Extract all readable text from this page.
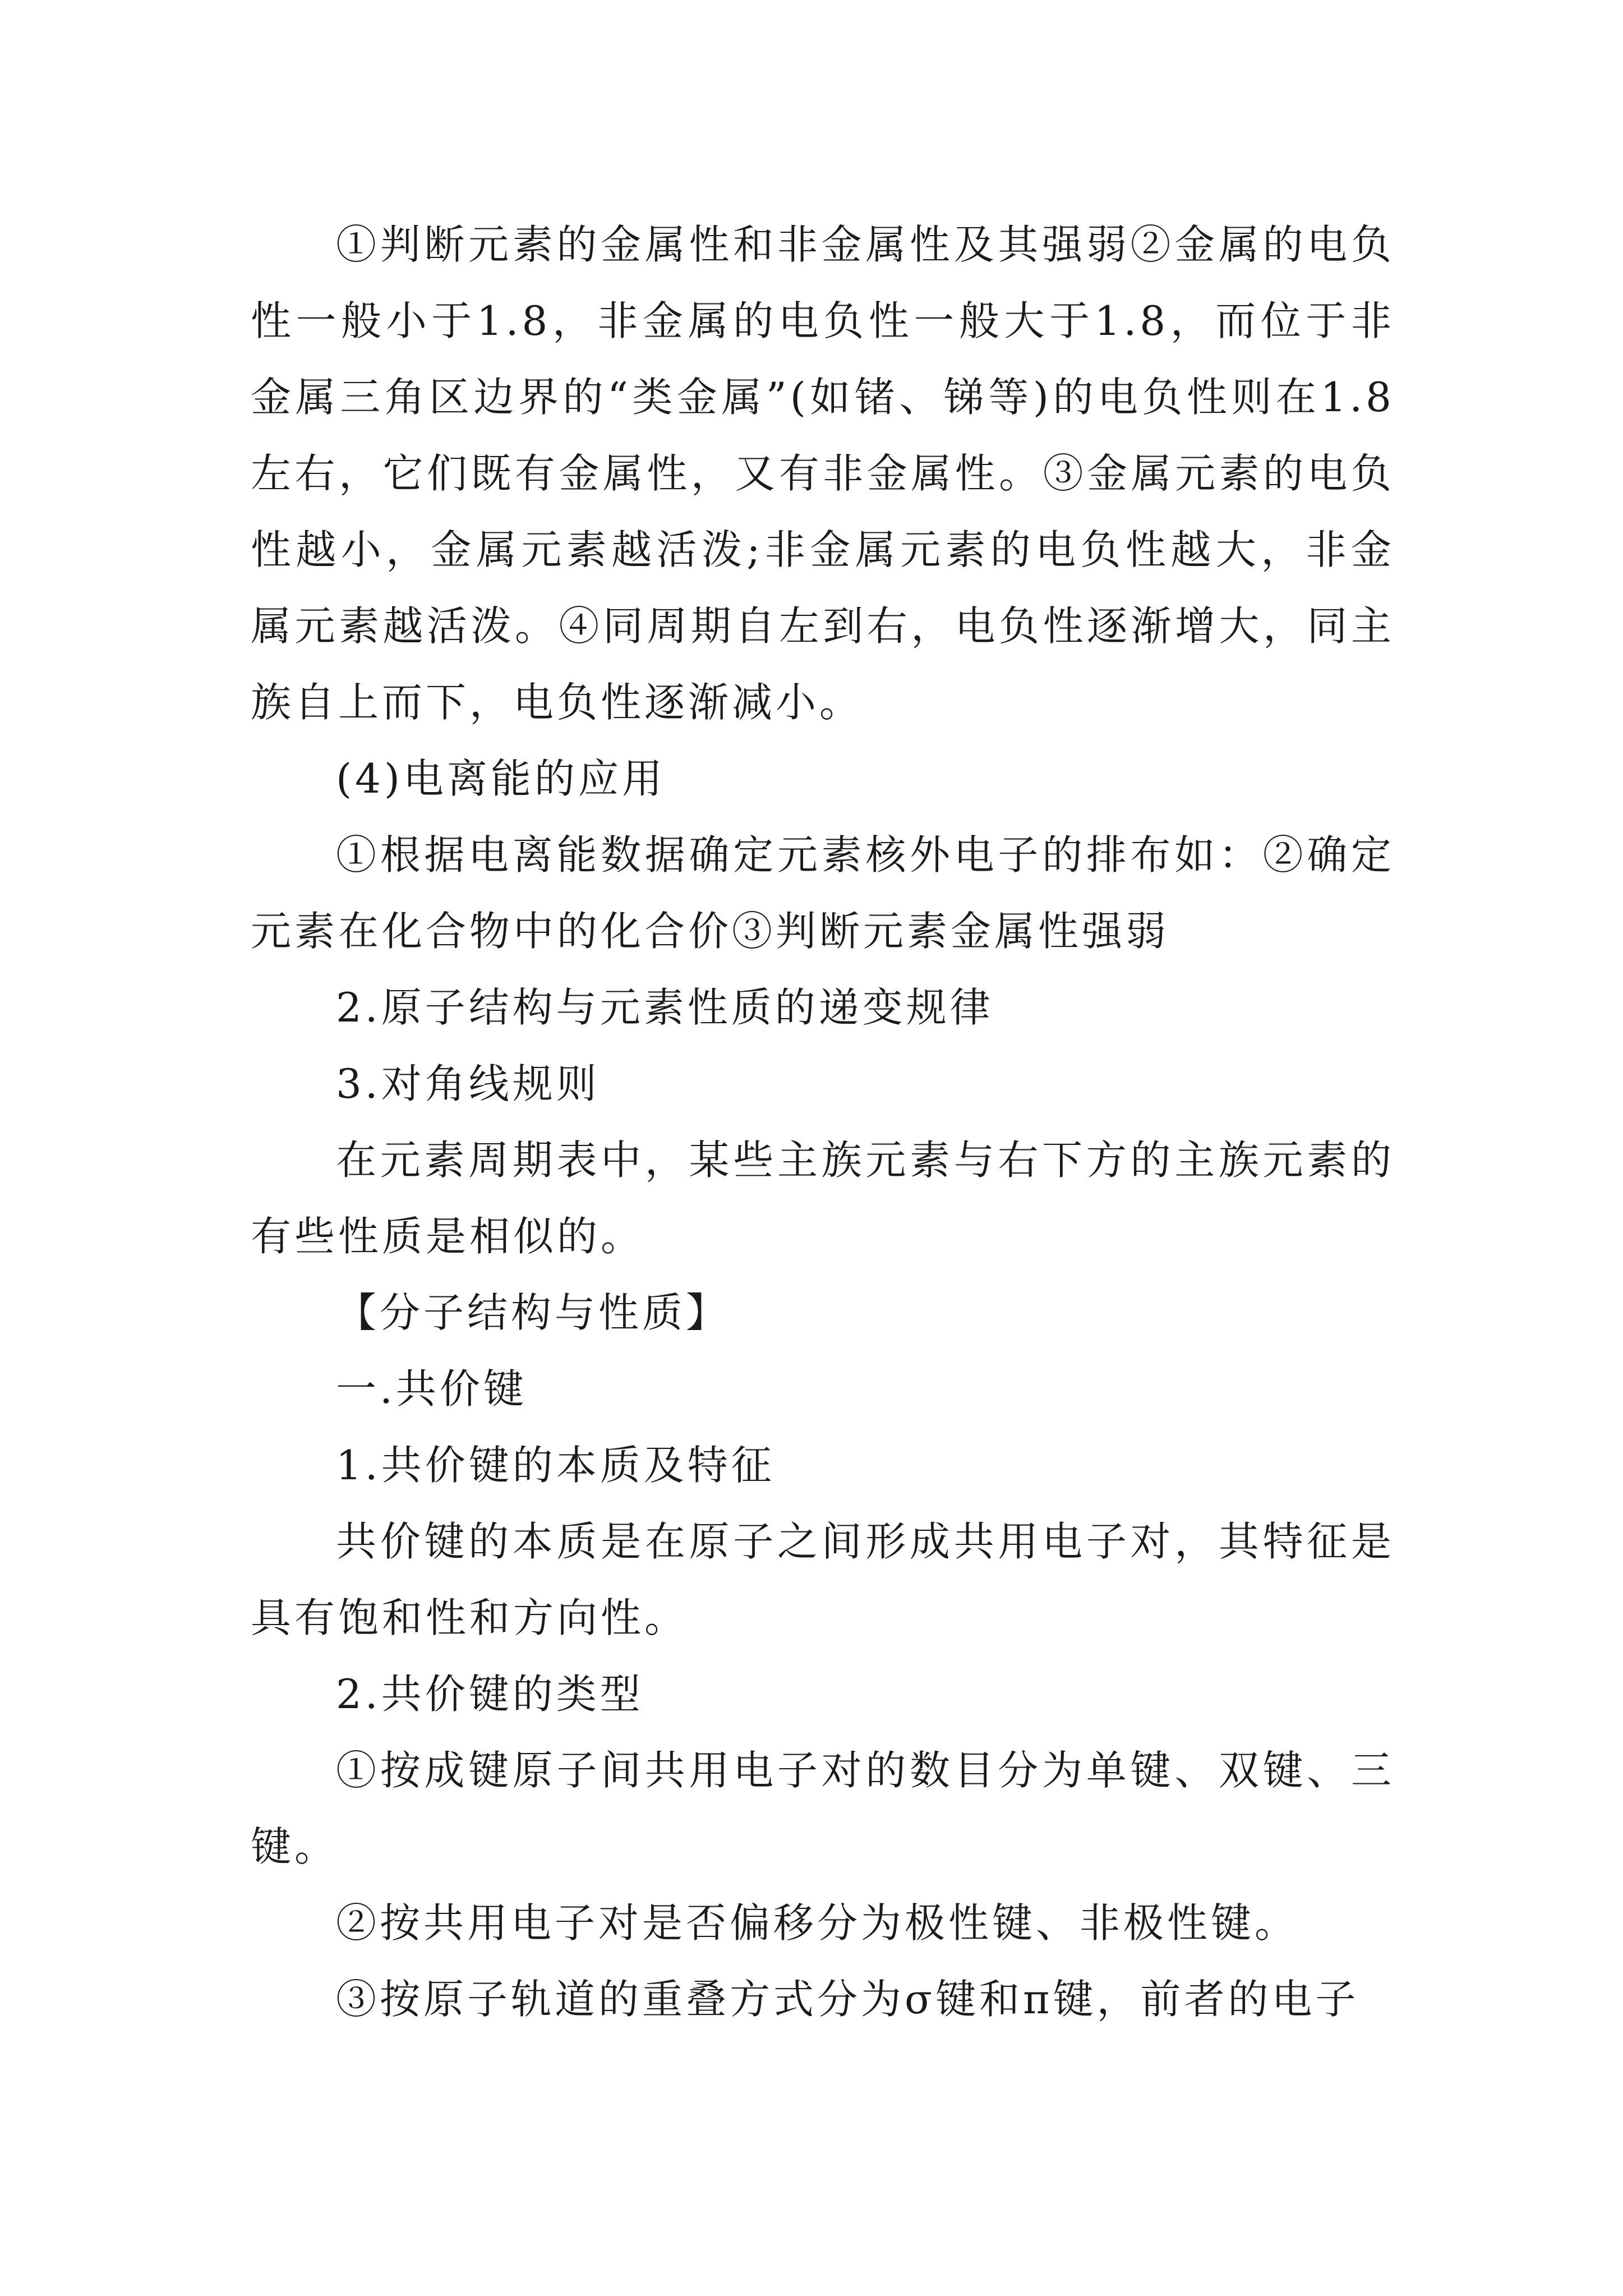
①判断元素的金属性和非金属性及其强弱②金属的电负性一般小于1.8，非金属的电负性一般大于1.8，而位于非金属三角区边界的“类金属”(如锗、锑等)的电负性则在1.8左右，它们既有金属性，又有非金属性。③金属元素的电负性越小，金属元素越活泼;非金属元素的电负性越大，非金属元素越活泼。④同周期自左到右，电负性逐渐增大，同主族自上而下，电负性逐渐减小。

(4)电离能的应用

①根据电离能数据确定元素核外电子的排布如：②确定元素在化合物中的化合价③判断元素金属性强弱

2.原子结构与元素性质的递变规律

3.对角线规则

在元素周期表中，某些主族元素与右下方的主族元素的有些性质是相似的。

【分子结构与性质】

一.共价键

1.共价键的本质及特征

共价键的本质是在原子之间形成共用电子对，其特征是具有饱和性和方向性。

2.共价键的类型

①按成键原子间共用电子对的数目分为单键、双键、三键。

②按共用电子对是否偏移分为极性键、非极性键。

③按原子轨道的重叠方式分为σ键和π键，前者的电子
